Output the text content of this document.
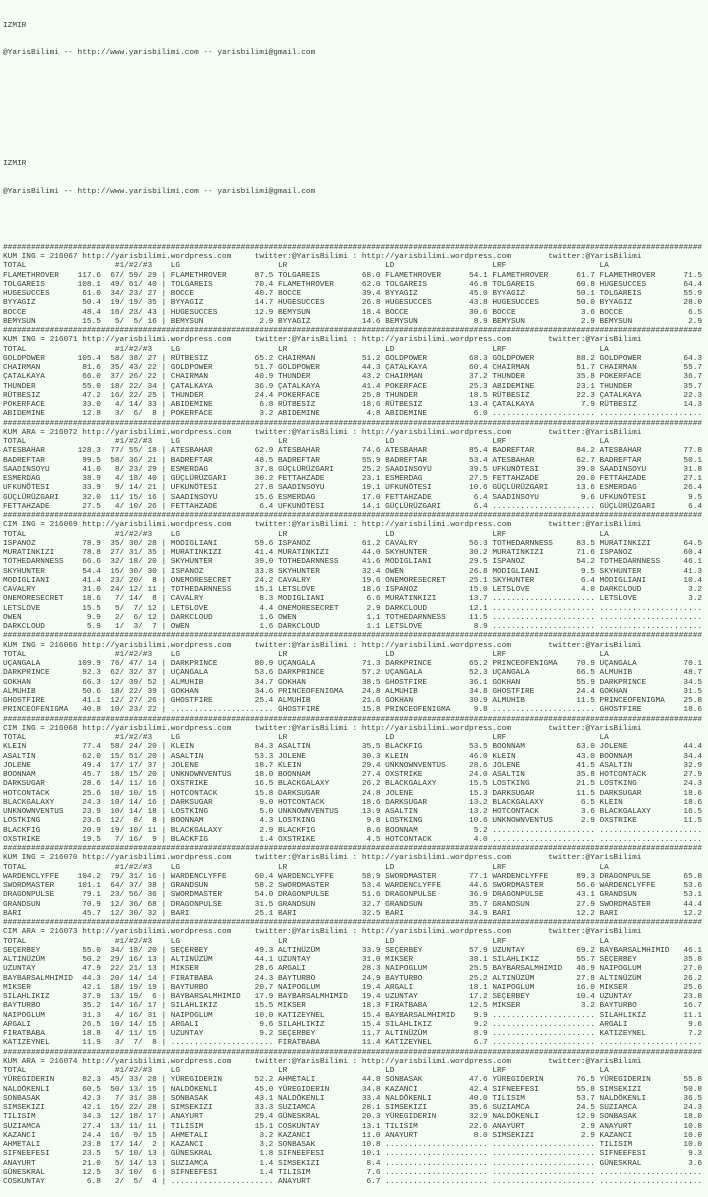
IZMIR

@YarisBilimi -- http://www.yarisbilimi.com -- yarisbilimi@gmail.com

IZMIR

@YarisBilimi -- http://www.yarisbilimi.com -- yarisbilimi@gmail.com

######################################################################################################################################################
KUM ING = 216067 http://yarisbilimi.wordpress.com     twitter:@YarisBilimi : http://yarisbilimi.wordpress.com        twitter:@YarisBilimi
TOTAL                   #1/#2/#3    LG                     LR                     LD                     LRF                    LA
FLAMETHROVER    117.6  67/ 59/ 29 | FLAMETHROVER      87.5 TOLGAREIS         68.0 FLAMETHROVER      54.1 FLAMETHROVER      61.7 FLAMETHROVER      71.5
TOLGAREIS       108.1  49/ 61/ 40 | TOLGAREIS         70.4 FLAMETHROVER      62.0 TOLGAREIS         46.8 TOLGAREIS         60.8 HUGESUCCES        64.4
HUGESUCCES       61.0  34/ 23/ 27 | BOCCE             40.7 BOCCE             39.4 BYYAGIZ           45.0 BYYAGIZ           50.1 TOLGAREIS         55.9
BYYAGIZ          50.4  19/ 19/ 35 | BYYAGIZ           14.7 HUGESUCCES        26.8 HUGESUCCES        43.8 HUGESUCCES        50.0 BYYAGIZ           28.0
BOCCE            48.4  16/ 23/ 43 | HUGESUCCES        12.9 BEMYSUN           18.4 BOCCE             30.6 BOCCE              3.6 BOCCE              6.5
BEMYSUN          15.5   5/  5/ 16 | BEMYSUN            2.9 BYYAGIZ           14.6 BEMYSUN            8.9 BEMYSUN            2.9 BEMYSUN            2.9
######################################################################################################################################################
KUM ING = 216071 http://yarisbilimi.wordpress.com     twitter:@YarisBilimi : http://yarisbilimi.wordpress.com        twitter:@YarisBilimi
TOTAL                   #1/#2/#3    LG                     LR                     LD                     LRF                    LA
GOLDPOWER       105.4  58/ 38/ 27 | RÜTBESIZ          65.2 CHAIRMAN          51.2 GOLDPOWER         68.3 GOLDPOWER         88.2 GOLDPOWER         64.3
CHAIRMAN         81.6  35/ 43/ 22 | GOLDPOWER         51.7 GOLDPOWER         44.3 ÇATALKAYA         60.4 CHAIRMAN          51.7 CHAIRMAN          55.7
ÇATALKAYA        66.0  37/ 26/ 22 | CHAIRMAN          40.9 THUNDER           43.2 CHAIRMAN          37.2 THUNDER           35.8 POKERFACE         36.7
THUNDER          55.0  18/ 22/ 34 | ÇATALKAYA         36.9 ÇATALKAYA         41.4 POKERFACE         25.3 ABIDEMINE         23.1 THUNDER           35.7
RÜTBESIZ         47.2  16/ 22/ 25 | THUNDER           24.4 POKERFACE         25.8 THUNDER           18.5 RÜTBESIZ          22.3 ÇATALKAYA         22.3
POKERFACE        33.0   4/ 14/ 33 | ABIDEMINE          6.8 RÜTBESIZ          18.6 RÜTBESIZ          13.4 ÇATALKAYA          7.9 RÜTBESIZ          14.3
ABIDEMINE        12.8   3/  6/  8 | POKERFACE          3.2 ABIDEMINE          4.8 ABIDEMINE          6.0 ...................... ......................
######################################################################################################################################################
KUM ARA = 216072 http://yarisbilimi.wordpress.com     twitter:@YarisBilimi : http://yarisbilimi.wordpress.com        twitter:@YarisBilimi
TOTAL                   #1/#2/#3    LG                     LR                     LD                     LRF                    LA
ATESBAHAR       128.3  77/ 55/ 18 | ATESBAHAR         62.9 ATESBAHAR         74.6 ATESBAHAR         85.4 BADREFTAR         84.2 ATESBAHAR         77.8
BADREFTAR        99.5  58/ 36/ 21 | BADREFTAR         48.5 BADREFTAR         55.9 BADREFTAR         53.4 ATESBAHAR         62.7 BADREFTAR         50.1
SAADINSOYU       41.0   8/ 23/ 29 | ESMERDAG          37.8 GÜÇLÜRÜZGARI      25.2 SAADINSOYU        39.5 UFKUNÖTESI        39.0 SAADINSOYU        31.8
ESMERDAG         38.9   4/ 18/ 40 | GÜÇLÜRÜZGARI      30.2 FETTAHZADE        23.1 ESMERDAG          27.5 FETTAHZADE        20.0 FETTAHZADE        27.1
UFKUNÖTESI       33.9   9/ 14/ 21 | UFKUNÖTESI        27.8 SAADINSOYU        19.1 UFKUNÖTESI        10.6 GÜÇLÜRÜZGARI      13.6 ESMERDAG          26.4
GÜÇLÜRÜZGARI     32.0  11/ 15/ 16 | SAADINSOYU        15.6 ESMERDAG          17.0 FETTAHZADE         6.4 SAADINSOYU         9.6 UFKUNÖTESI         9.5
FETTAHZADE       27.5   4/ 10/ 26 | FETTAHZADE         6.4 UFKUNÖTESI        14.1 GÜÇLÜRÜZGARI       6.4 ...................... GÜÇLÜRÜZGARI       6.4
######################################################################################################################################################
CIM ING = 216069 http://yarisbilimi.wordpress.com     twitter:@YarisBilimi : http://yarisbilimi.wordpress.com        twitter:@YarisBilimi
TOTAL                   #1/#2/#3    LG                     LR                     LD                     LRF                    LA
ISPANOZ          78.9  35/ 30/ 28 | MODIGLIANI        59.6 ISPANOZ           61.2 CAVALRY           56.3 TOTHEDARNNESS     83.5 MURATINKIZI       64.5
MURATINKIZI      78.8  27/ 31/ 35 | MURATINKIZI       41.4 MURATINKIZI       44.0 SKYHUNTER         30.2 MURATINKIZI       71.6 ISPANOZ           60.4
TOTHEDARNNESS    66.6  32/ 18/ 20 | SKYHUNTER         39.0 TOTHEDARNNESS     41.6 MODIGLIANI        29.5 ISPANOZ           54.2 TOTHEDARNNESS     46.1
SKYHUNTER        54.4  15/ 30/ 30 | ISPANOZ           33.8 SKYHUNTER         32.4 OWEN              26.8 MODIGLIANI         9.5 SKYHUNTER         41.3
MODIGLIANI       41.4  23/ 20/  8 | ONEMORESECRET     24.2 CAVALRY           19.6 ONEMORESECRET     25.1 SKYHUNTER          6.4 MODIGLIANI        10.4
CAVALRY          31.0  24/ 12/ 11 | TOTHEDARNNESS     15.1 LETSLOVE          18.6 ISPANOZ           15.0 LETSLOVE           4.0 DARKCLOUD          3.2
ONEMORESECRET    18.6   7/ 14/  8 | CAVALRY            8.3 MODIGLIANI         6.6 MURATINKIZI       13.7 ...................... LETSLOVE           3.2
LETSLOVE         15.5   5/  7/ 12 | LETSLOVE           4.4 ONEMORESECRET      2.9 DARKCLOUD         12.1 ...................... ......................
OWEN              9.9   2/  6/ 12 | DARKCLOUD          1.6 OWEN               1.1 TOTHEDARNNESS     11.5 ...................... ......................
DARKCLOUD         5.9   1/  3/  7 | OWEN               1.6 DARKCLOUD          1.1 LETSLOVE           8.9 ...................... ......................
######################################################################################################################################################
KUM ING = 216066 http://yarisbilimi.wordpress.com     twitter:@YarisBilimi : http://yarisbilimi.wordpress.com        twitter:@YarisBilimi
TOTAL                   #1/#2/#3    LG                     LR                     LD                     LRF                    LA
UÇANGALA        109.9  76/ 47/ 14 | DARKPRINCE        80.9 UÇANGALA          71.3 DARKPRINCE        65.2 PRINCEOFENIGMA    70.9 UÇANGALA          70.1
DARKPRINCE       92.3  62/ 32/ 37 | UÇANGALA          53.6 DARKPRINCE        57.2 UÇANGALA          52.3 UÇANGALA          66.5 ALMUHIB           48.7
GOKHAN           66.3  12/ 39/ 52 | ALMUHIB           34.7 GOKHAN            38.5 GHOSTFIRE         36.1 GOKHAN            55.9 DARKPRINCE        34.5
ALMUHIB          50.6  18/ 22/ 39 | GOKHAN            34.6 PRINCEOFENIGMA    24.8 ALMUHIB           34.8 GHOSTFIRE         24.4 GOKHAN            31.5
GHOSTFIRE        41.1  12/ 27/ 26 | GHOSTFIRE         25.4 ALMUHIB           21.6 GOKHAN            30.9 ALMUHIB           11.5 PRINCEOFENIGMA    25.8
PRINCEOFENIGMA   40.8  10/ 23/ 22 | ...................... GHOSTFIRE         15.8 PRINCEOFENIGMA     9.8 ...................... GHOSTFIRE         18.6
######################################################################################################################################################
CIM ING = 216068 http://yarisbilimi.wordpress.com     twitter:@YarisBilimi : http://yarisbilimi.wordpress.com        twitter:@YarisBilimi
TOTAL                   #1/#2/#3    LG                     LR                     LD                     LRF                    LA
KLEIN            77.4  58/ 24/ 20 | KLEIN             84.3 ASALTIN           35.5 BLACKFIG          53.5 BOONNAM           63.0 JOLENE            44.4
ASALTIN          62.0  15/ 51/ 20 | ASALTIN           53.3 JOLENE            30.3 KLEIN             46.0 KLEIN             43.0 BOONNAM           34.4
JOLENE           49.4  17/ 17/ 37 | JOLENE            18.7 KLEIN             29.4 UNKNOWNVENTUS     28.6 JOLENE            41.5 ASALTIN           32.9
BOONNAM          45.7  18/ 15/ 20 | UNKNOWNVENTUS     18.0 BOONNAM           27.4 OXSTRIKE          24.0 ASALTIN           35.8 HOTCONTACK        27.9
DARKSUGAR        28.6  14/ 11/ 16 | OXSTRIKE          16.5 BLACKGALAXY       26.2 BLACKGALAXY       15.5 LOSTKING          21.5 LOSTKING          24.3
HOTCONTACK       25.6  10/ 10/ 15 | HOTCONTACK        15.8 DARKSUGAR         24.8 JOLENE            15.3 DARKSUGAR         11.5 DARKSUGAR         18.6
BLACKGALAXY      24.3  10/ 14/ 16 | DARKSUGAR          9.0 HOTCONTACK        18.6 DARKSUGAR         13.2 BLACKGALAXY        6.5 KLEIN             18.6
UNKNOWNVENTUS    23.9  10/ 14/ 18 | LOSTKING           5.0 UNKNOWNVENTUS     13.9 ASALTIN           13.2 HOTCONTACK         3.6 BLACKGALAXY       16.5
LOSTKING         23.6  12/  8/  8 | BOONNAM            4.3 LOSTKING           9.8 LOSTKING          10.6 UNKNOWNVENTUS      2.9 OXSTRIKE          11.5
BLACKFIG         20.9  19/ 10/ 11 | BLACKGALAXY        2.9 BLACKFIG           8.6 BOONNAM            5.2 ...................... ......................
OXSTRIKE         19.5   7/ 16/  9 | BLACKFIG           1.4 OXSTRIKE           4.5 HOTCONTACK         4.0 ...................... ......................
######################################################################################################################################################
KUM ING = 216070 http://yarisbilimi.wordpress.com     twitter:@YarisBilimi : http://yarisbilimi.wordpress.com        twitter:@YarisBilimi
TOTAL                   #1/#2/#3    LG                     LR                     LD                     LRF                    LA
WARDENCLYFFE    104.2  79/ 31/ 16 | WARDENCLYFFE      60.4 WARDENCLYFFE      58.9 SWORDMASTER       77.1 WARDENCLYFFE      89.3 DRAGONPULSE       65.8
SWORDMASTER     101.1  64/ 37/ 38 | GRANDSUN          58.2 SWORDMASTER       53.4 WARDENCLYFFE      44.6 SWORDMASTER       56.6 WARDENCLYFFE      53.6
DRAGONPULSE      79.1  23/ 56/ 36 | SWORDMASTER       54.0 DRAGONPULSE       51.6 DRAGONPULSE       36.9 DRAGONPULSE       43.1 GRANDSUN          53.1
GRANDSUN         70.9  12/ 36/ 68 | DRAGONPULSE       31.5 GRANDSUN          32.7 GRANDSUN          35.7 GRANDSUN          27.9 SWORDMASTER       44.4
BARI             45.7  12/ 30/ 32 | BARI              25.1 BARI              32.5 BARI              34.9 BARI              12.2 BARI              12.2
######################################################################################################################################################
CIM ARA = 216073 http://yarisbilimi.wordpress.com     twitter:@YarisBilimi : http://yarisbilimi.wordpress.com        twitter:@YarisBilimi
TOTAL                   #1/#2/#3    LG                     LR                     LD                     LRF                    LA
SEÇERBEY         55.0  34/ 18/ 20 | SEÇERBEY          49.3 ALTINÜZÜM         33.9 SEÇERBEY          57.9 UZUNTAY           69.2 BAYBARSALMHIMID   46.1
ALTINÜZÜM        50.2  29/ 16/ 13 | ALTINÜZÜM         44.1 UZUNTAY           31.0 MIKSER            38.1 SILAHLIKIZ        55.7 SEÇERBEY          35.8
UZUNTAY          47.9  22/ 21/ 13 | MIKSER            28.6 ARGALI            28.3 NAIPOGLUM         25.5 BAYBARSALMHIMID   46.9 NAIPOGLUM         27.0
BAYBARSALMHIMID  44.3  20/ 14/ 14 | FIRATBABA         24.3 BAYTURBO          24.9 BAYTURBO          25.2 ALTINÜZÜM         27.8 ALTINÜZÜM         26.2
MIKSER           42.1  18/ 19/ 19 | BAYTURBO          20.7 NAIPOGLUM         19.4 ARGALI            18.1 NAIPOGLUM         16.0 MIKSER            25.6
SILAHLIKIZ       37.9  13/ 19/  6 | BAYBARSALMHIMID   17.9 BAYBARSALMHIMID   19.4 UZUNTAY           17.2 SEÇERBEY          10.4 UZUNTAY           23.8
BAYTURBO         35.2  14/ 16/ 17 | SILAHLIKIZ        15.5 MIKSER            18.3 FIRATBABA         12.5 MIKSER             3.2 BAYTURBO          16.7
NAIPOGLUM        31.3   4/ 16/ 31 | NAIPOGLUM         10.0 KATIZEYNEL        15.4 BAYBARSALMHIMID    9.9 ...................... SILAHLIKIZ        11.1
ARGALI           26.5  10/ 14/ 15 | ARGALI             9.6 SILAHLIKIZ        15.4 SILAHLIKIZ         9.2 ...................... ARGALI             9.6
FIRATBABA        18.8   4/ 11/ 15 | UZUNTAY            9.2 SEÇERBEY          11.7 ALTINÜZÜM          8.9 ...................... KATIZEYNEL         7.2
KATIZEYNEL       11.9   3/  7/  8 | ...................... FIRATBABA         11.4 KATIZEYNEL         6.7 ...................... ......................
######################################################################################################################################################
KUM ARA = 216074 http://yarisbilimi.wordpress.com     twitter:@YarisBilimi : http://yarisbilimi.wordpress.com        twitter:@YarisBilimi
TOTAL                   #1/#2/#3    LG                     LR                     LD                     LRF                    LA
YÜREGIDERIN      82.3  45/ 33/ 28 | YÜREGIDERIN       52.2 AHMETALI          44.8 SONBASAK          47.6 YÜREGIDERIN       76.5 YÜREGIDERIN       55.8
NALDÖKENLI       60.5  50/ 13/ 15 | NALDÖKENLI        45.0 YÜREGIDERIN       34.8 KAZANCI           42.4 SIFNEEFESI        55.8 SIMSEKIZI         50.8
SONBASAK         42.3   7/ 31/ 38 | SONBASAK          43.1 NALDÖKENLI        33.4 NALDÖKENLI        40.0 TILISIM           53.7 NALDÖKENLI        36.5
SIMSEKIZI        42.1  15/ 22/ 28 | SIMSEKIZI         33.3 SUZIAMCA          28.1 SIMSEKIZI         35.6 SUZIAMCA          24.5 SUZIAMCA          24.3
TILISIM          34.3  12/ 18/ 17 | ANAYURT           29.4 GÜNESKRAL         20.3 YÜREGIDERIN       32.9 NALDÖKENLI        12.9 SONBASAK          18.0
SUZIAMCA         27.4  13/ 11/ 11 | TILISIM           15.1 COSKUNTAY         13.1 TILISIM           22.6 ANAYURT            2.9 ANAYURT           10.8
KAZANCI          24.4  16/  9/ 15 | AHMETALI           3.2 KAZANCI           11.0 ANAYURT            8.0 SIMSEKIZI          2.9 KAZANCI           10.0
AHMETALI         23.8  17/ 14/  2 | KAZANCI            3.2 SONBASAK          10.8 ...................... ...................... TILISIM           10.0
SIFNEEFESI       23.5   5/ 10/ 13 | GÜNESKRAL          1.8 SIFNEEFESI        10.1 ...................... ...................... SIFNEEFESI         9.3
ANAYURT          21.0   5/ 14/ 13 | SUZIAMCA           1.4 SIMSEKIZI          8.4 ...................... ...................... GÜNESKRAL          3.6
GÜNESKRAL        12.5   3/ 10/  6 | SIFNEEFESI         1.4 TILISIM            7.6 ...................... ...................... ......................
COSKUNTAY         6.8   2/  5/  4 | ...................... ANAYURT            6.7 ...................... ...................... ......................
